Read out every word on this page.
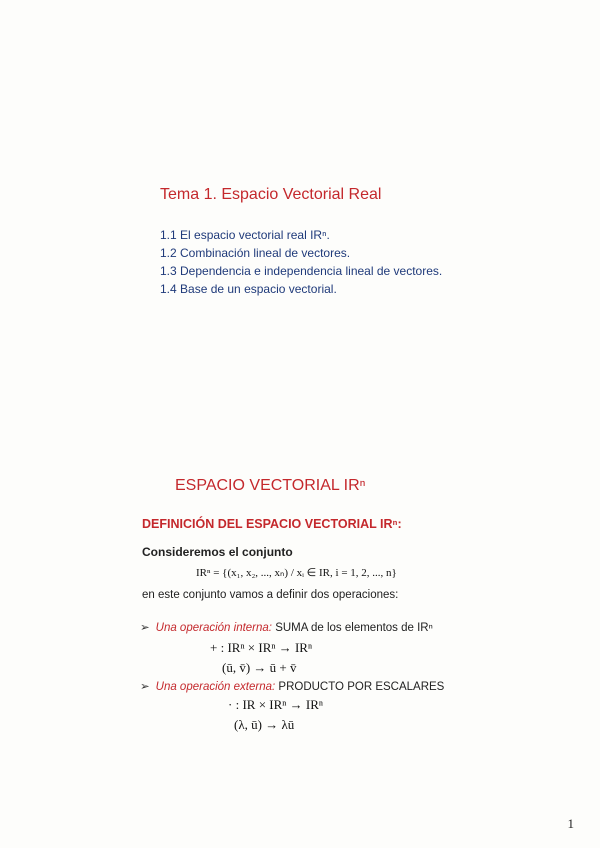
Tema 1. Espacio Vectorial Real
1.1 El espacio vectorial real IRⁿ.
1.2 Combinación lineal de vectores.
1.3 Dependencia e independencia lineal de vectores.
1.4 Base de un espacio vectorial.
ESPACIO VECTORIAL IRⁿ
DEFINICIÓN DEL ESPACIO VECTORIAL IRⁿ:
Consideremos el conjunto
IRⁿ = {(x₁, x₂, ..., xₙ) / xᵢ ∈ IR, i = 1, 2, ..., n}
en este conjunto vamos a definir dos operaciones:
➢ Una operación interna: SUMA de los elementos de IRⁿ
+ : IRⁿ × IRⁿ → IRⁿ
(ū, v̄) → ū + v̄
➢ Una operación externa: PRODUCTO POR ESCALARES
· : IR × IRⁿ → IRⁿ
(λ, ū) → λū
1
